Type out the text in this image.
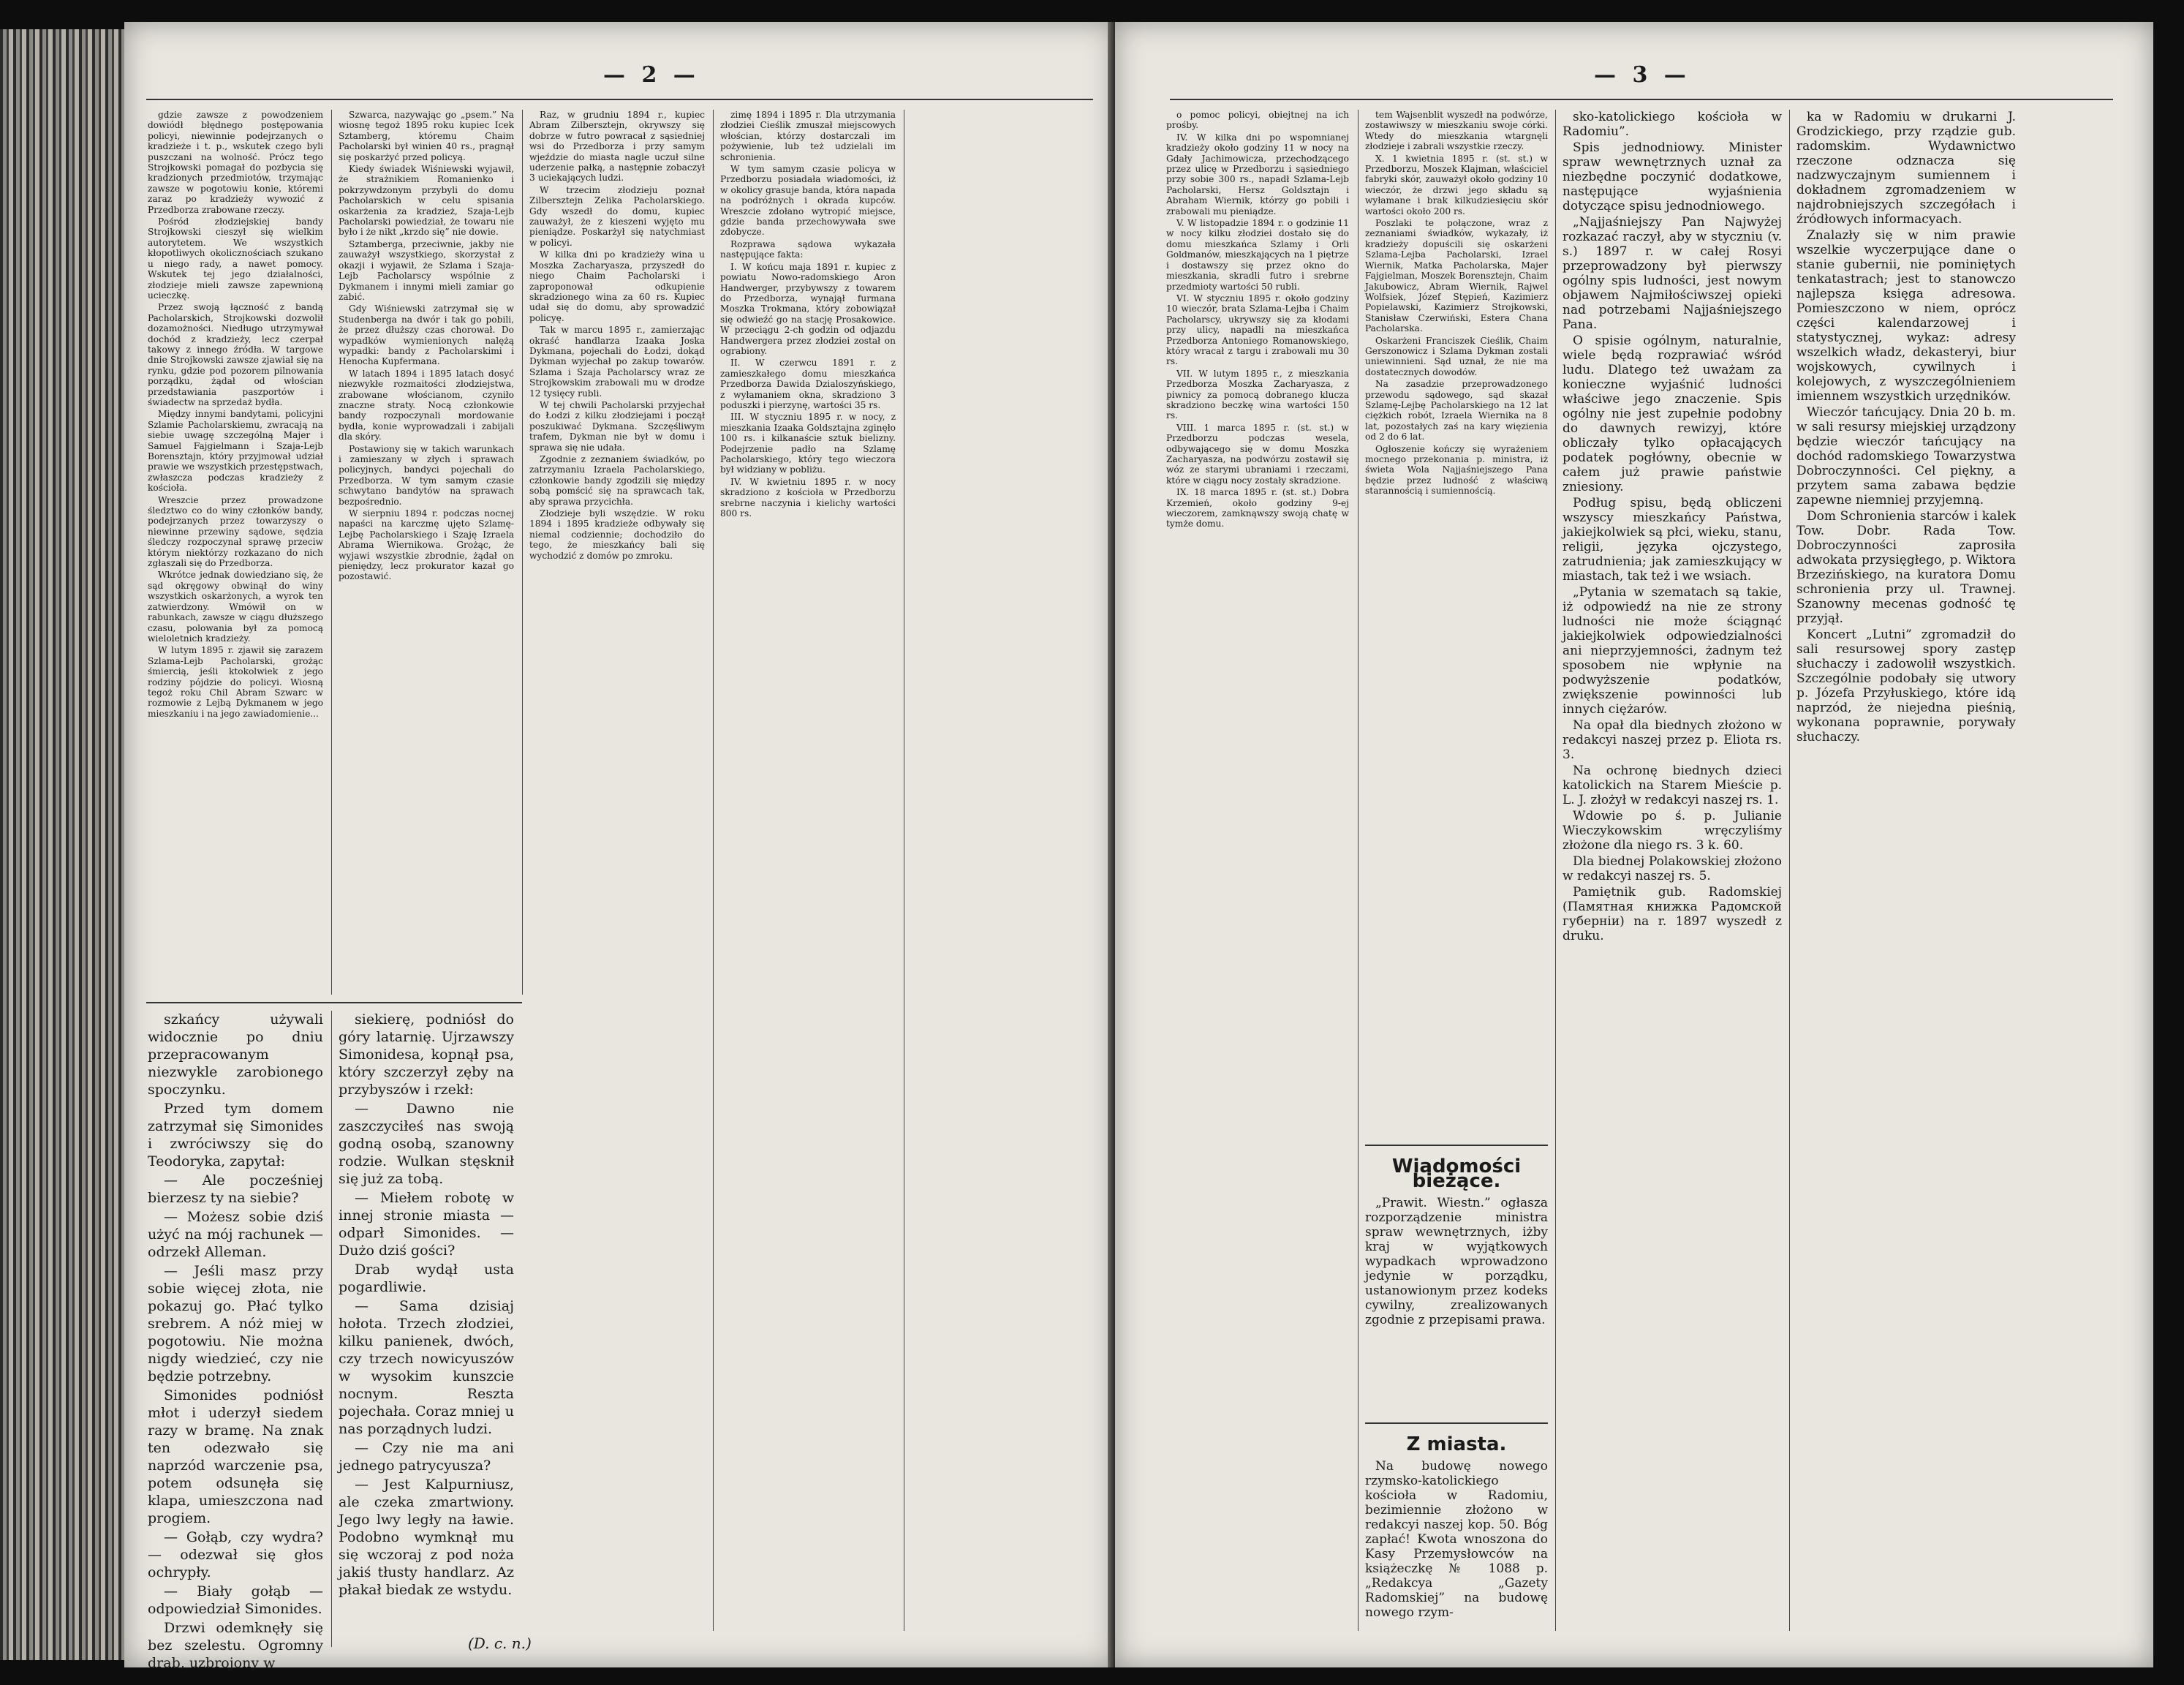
— 2 —

gdzie zawsze z powodzeniem dowiódł błędnego postępowania policyi, niewinnie podejrzanych o kradzieże i t. p., wskutek czego byli puszczani na wolność. Prócz tego Strojkowski pomagał do pozbycia się kradzionych przedmiotów, trzymając zawsze w pogotowiu konie, któremi zaraz po kradzieży wywozić z Przedborza zrabowane rzeczy.

Pośród złodziejskiej bandy Strojkowski cieszył się wielkim autorytetem. We wszystkich kłopotliwych okolicznościach szukano u niego rady, a nawet pomocy. Wskutek tej jego działalności, złodzieje mieli zawsze zapewnioną ucieczkę.

Przez swoją łączność z bandą Pacholarskich, Strojkowski dozwolił dozamożności. Niedługo utrzymywał dochód z kradzieży, lecz czerpał takowy z innego źródła. W targowe dnie Strojkowski zawsze zjawiał się na rynku, gdzie pod pozorem pilnowania porządku, żądał od włościan przedstawiania paszportów i świadectw na sprzedaż bydła.

Między innymi bandytami, policyjni Szlamie Pacholarskiemu, zwracają na siebie uwagę szczególną Majer i Samuel Fajgielmann i Szaja-Lejb Borensztajn, który przyjmował udział prawie we wszystkich przestępstwach, zwłaszcza podczas kradzieży z kościoła.

Wreszcie przez prowadzone śledztwo co do winy członków bandy, podejrzanych przez towarzyszy o niewinne przewiny sądowe, sędzia śledczy rozpoczynał sprawę przeciw którym niektórzy rozkazano do nich zgłaszali się do Przedborza.

Wkrótce jednak dowiedziano się, że sąd okręgowy obwinął do winy wszystkich oskarżonych, a wyrok ten zatwierdzony. Wmówił on w rabunkach, zawsze w ciągu dłuższego czasu, polowania był za pomocą wieloletnich kradzieży.

W lutym 1895 r. zjawił się zarazem Szlama-Lejb Pacholarski, grożąc śmiercią, jeśli ktokolwiek z jego rodziny pójdzie do policyi. Wiosną tegoż roku Chil Abram Szwarc w rozmowie z Lejbą Dykmanem w jego mieszkaniu i na jego zawiadomienie...

Szwarca, nazywając go „psem.” Na wiosnę tegoż 1895 roku kupiec Icek Sztamberg, któremu Chaim Pacholarski był winien 40 rs., pragnął się poskarżyć przed policyą.

Kiedy świadek Wiśniewski wyjawił, że strażnikiem Romanienko i pokrzywdzonym przybyli do domu Pacholarskich w celu spisania oskarżenia za kradzież, Szaja-Lejb Pacholarski powiedział, że towaru nie było i że nikt „krzdo się” nie dowie.

Sztamberga, przeciwnie, jakby nie zauważył wszystkiego, skorzystał z okazji i wyjawił, że Szlama i Szaja-Lejb Pacholarscy wspólnie z Dykmanem i innymi mieli zamiar go zabić.

Gdy Wiśniewski zatrzymał się w Studenberga na dwór i tak go pobili, że przez dłuższy czas chorował. Do wypadków wymienionych nalężą wypadki: bandy z Pacholarskimi i Henocha Kupfermana.

W latach 1894 i 1895 latach dosyć niezwykłe rozmaitości złodziejstwa, zrabowane włościanom, czyniło znaczne straty. Nocą członkowie bandy rozpoczynali mordowanie bydła, konie wyprowadzali i zabijali dla skóry.

Postawiony się w takich warunkach i zamieszany w złych i sprawach policyjnych, bandyci pojechali do Przedborza. W tym samym czasie schwytano bandytów na sprawach bezpośrednio.

W sierpniu 1894 r. podczas nocnej napaści na karczmę ujęto Szlamę-Lejbę Pacholarskiego i Szaję Izraela Abrama Wiernikowa. Grożąc, że wyjawi wszystkie zbrodnie, żądał on pieniędzy, lecz prokurator kazał go pozostawić.

Raz, w grudniu 1894 r., kupiec Abram Zilbersztejn, okrywszy się dobrze w futro powracał z sąsiedniej wsi do Przedborza i przy samym wjeździe do miasta nagle uczuł silne uderzenie pałką, a następnie zobaczył 3 uciekających ludzi.

W trzecim złodzieju poznał Zilbersztejn Zelika Pacholarskiego. Gdy wszedł do domu, kupiec zauważył, że z kieszeni wyjęto mu pieniądze. Poskarżył się natychmiast w policyi.

W kilka dni po kradzieży wina u Moszka Zacharyasza, przyszedł do niego Chaim Pacholarski i zaproponował odkupienie skradzionego wina za 60 rs. Kupiec udał się do domu, aby sprowadzić policyę.

Tak w marcu 1895 r., zamierzając okraść handlarza Izaaka Joska Dykmana, pojechali do Łodzi, dokąd Dykman wyjechał po zakup towarów. Szlama i Szaja Pacholarscy wraz ze Strojkowskim zrabowali mu w drodze 12 tysięcy rubli.

W tej chwili Pacholarski przyjechał do Łodzi z kilku złodziejami i począł poszukiwać Dykmana. Szczęśliwym trafem, Dykman nie był w domu i sprawa się nie udała.

Zgodnie z zeznaniem świadków, po zatrzymaniu Izraela Pacholarskiego, członkowie bandy zgodzili się między sobą pomścić się na sprawcach tak, aby sprawa przycichła.

Złodzieje byli wszędzie. W roku 1894 i 1895 kradzieże odbywały się niemal codziennie; dochodziło do tego, że mieszkańcy bali się wychodzić z domów po zmroku.

zimę 1894 i 1895 r. Dla utrzymania złodziei Cieślik zmuszał miejscowych włościan, którzy dostarczali im pożywienie, lub też udzielali im schronienia.

W tym samym czasie policya w Przedborzu posiadała wiadomości, iż w okolicy grasuje banda, która napada na podróżnych i okrada kupców. Wreszcie zdołano wytropić miejsce, gdzie banda przechowywała swe zdobycze.

Rozprawa sądowa wykazała następujące fakta:

I. W końcu maja 1891 r. kupiec z powiatu Nowo-radomskiego Aron Handwerger, przybywszy z towarem do Przedborza, wynajął furmana Moszka Trokmana, który zobowiązał się odwieźć go na stację Prosakowice. W przeciągu 2-ch godzin od odjazdu Handwergera przez złodziei został on ograbiony.

II. W czerwcu 1891 r. z zamieszkałego domu mieszkańca Przedborza Dawida Dzialoszyńskiego, z wyłamaniem okna, skradziono 3 poduszki i pierzynę, wartości 35 rs.

III. W styczniu 1895 r. w nocy, z mieszkania Izaaka Goldsztajna zginęło 100 rs. i kilkanaście sztuk bielizny. Podejrzenie padło na Szlamę Pacholarskiego, który tego wieczora był widziany w pobliżu.

IV. W kwietniu 1895 r. w nocy skradziono z kościoła w Przedborzu srebrne naczynia i kielichy wartości 800 rs.

szkańcy używali widocznie po dniu przepracowanym niezwykle zarobionego spoczynku.

Przed tym domem zatrzymał się Simonides i zwróciwszy się do Teodoryka, zapytał:

— Ale pocześniej bierzesz ty na siebie?

— Możesz sobie dziś użyć na mój rachunek — odrzekł Alleman.

— Jeśli masz przy sobie więcej złota, nie pokazuj go. Płać tylko srebrem. A nóż miej w pogotowiu. Nie można nigdy wiedzieć, czy nie będzie potrzebny.

Simonides podniósł młot i uderzył siedem razy w bramę. Na znak ten odezwało się naprzód warczenie psa, potem odsunęła się klapa, umieszczona nad progiem.

— Gołąb, czy wydra? — odezwał się głos ochrypły.

— Biały gołąb — odpowiedział Simonides.

Drzwi odemknęły się bez szelestu. Ogromny drab, uzbrojony w

siekierę, podniósł do góry latarnię. Ujrzawszy Simonidesa, kopnął psa, który szczerzył zęby na przybyszów i rzekł:

— Dawno nie zaszczyciłeś nas swoją godną osobą, szanowny rodzie. Wulkan stęsknił się już za tobą.

— Miełem robotę w innej stronie miasta — odparł Simonides. — Dużo dziś gości?

Drab wydął usta pogardliwie.

— Sama dzisiaj hołota. Trzech złodziei, kilku panienek, dwóch, czy trzech nowicyuszów w wysokim kunszcie nocnym. Reszta pojechała. Coraz mniej u nas porządnych ludzi.

— Czy nie ma ani jednego patrycyusza?

— Jest Kalpurniusz, ale czeka zmartwiony. Jego lwy legły na ławie. Podobno wymknął mu się wczoraj z pod noża jakiś tłusty handlarz. Az płakał biedak ze wstydu.

(D. c. n.)
— 3 —

o pomoc policyi, obiejtnej na ich prośby.

IV. W kilka dni po wspomnianej kradzieży około godziny 11 w nocy na Gdały Jachimowicza, przechodzącego przez ulicę w Przedborzu i sąsiedniego przy sobie 300 rs., napadł Szlama-Lejb Pacholarski, Hersz Goldsztajn i Abraham Wiernik, którzy go pobili i zrabowali mu pieniądze.

V. W listopadzie 1894 r. o godzinie 11 w nocy kilku złodziei dostało się do domu mieszkańca Szlamy i Orli Goldmanów, mieszkających na 1 piętrze i dostawszy się przez okno do mieszkania, skradli futro i srebrne przedmioty wartości 50 rubli.

VI. W styczniu 1895 r. około godziny 10 wieczór, brata Szlama-Lejba i Chaim Pacholarscy, ukrywszy się za kłodami przy ulicy, napadli na mieszkańca Przedborza Antoniego Romanowskiego, który wracał z targu i zrabowali mu 30 rs.

VII. W lutym 1895 r., z mieszkania Przedborza Moszka Zacharyasza, z piwnicy za pomocą dobranego klucza skradziono beczkę wina wartości 150 rs.

VIII. 1 marca 1895 r. (st. st.) w Przedborzu podczas wesela, odbywającego się w domu Moszka Zacharyasza, na podwórzu zostawił się wóz ze starymi ubraniami i rzeczami, które w ciągu nocy zostały skradzione.

IX. 18 marca 1895 r. (st. st.) Dobra Krzemień, około godziny 9-ej wieczorem, zamknąwszy swoją chatę w tymże domu.

tem Wajsenblit wyszedł na podwórze, zostawiwszy w mieszkaniu swoje córki. Wtedy do mieszkania wtargnęli złodzieje i zabrali wszystkie rzeczy.

X. 1 kwietnia 1895 r. (st. st.) w Przedborzu, Moszek Klajman, właściciel fabryki skór, zauważył około godziny 10 wieczór, że drzwi jego składu są wyłamane i brak kilkudziesięciu skór wartości około 200 rs.

Poszlaki te połączone, wraz z zeznaniami świadków, wykazały, iż kradzieży dopuścili się oskarżeni Szlama-Lejba Pacholarski, Izrael Wiernik, Matka Pacholarska, Majer Fajgielman, Moszek Borensztejn, Chaim Jakubowicz, Abram Wiernik, Rajwel Wolfsiek, Józef Stępień, Kazimierz Popielawski, Kazimierz Strojkowski, Stanisław Czerwiński, Estera Chana Pacholarska.

Oskarżeni Franciszek Cieślik, Chaim Gerszonowicz i Szlama Dykman zostali uniewinnieni. Sąd uznał, że nie ma dostatecznych dowodów.

Na zasadzie przeprowadzonego przewodu sądowego, sąd skazał Szlamę-Lejbę Pacholarskiego na 12 lat ciężkich robót, Izraela Wiernika na 8 lat, pozostałych zaś na kary więzienia od 2 do 6 lat.

Ogłoszenie kończy się wyrażeniem mocnego przekonania p. ministra, iż świeta Wola Najjaśniejszego Pana będzie przez ludność z właściwą starannością i sumiennością.

Wiadomości bieżące.

„Prawit. Wiestn.” ogłasza rozporządzenie ministra spraw wewnętrznych, iżby kraj w wyjątkowych wypadkach wprowadzono jedynie w porządku, ustanowionym przez kodeks cywilny, zrealizowanych zgodnie z przepisami prawa.

Z miasta.

Na budowę nowego rzymsko-katolickiego kościoła w Radomiu, bezimiennie złożono w redakcyi naszej kop. 50. Bóg zapłać! Kwota wnoszona do Kasy Przemysłowców na książeczkę № 1088 p. „Redakcya „Gazety Radomskiej” na budowę nowego rzym-

sko-katolickiego kościoła w Radomiu”.

Spis jednodniowy. Minister spraw wewnętrznych uznał za niezbędne poczynić dodatkowe, następujące wyjaśnienia dotyczące spisu jednodniowego.

„Najjaśniejszy Pan Najwyżej rozkazać raczył, aby w styczniu (v. s.) 1897 r. w całej Rosyi przeprowadzony był pierwszy ogólny spis ludności, jest nowym objawem Najmiłościwszej opieki nad potrzebami Najjaśniejszego Pana.

O spisie ogólnym, naturalnie, wiele będą rozprawiać wśród ludu. Dlatego też uważam za konieczne wyjaśnić ludności właściwe jego znaczenie. Spis ogólny nie jest zupełnie podobny do dawnych rewizyj, które obliczały tylko opłacających podatek pogłówny, obecnie w całem już prawie państwie zniesiony.

Podług spisu, będą obliczeni wszyscy mieszkańcy Państwa, jakiejkolwiek są płci, wieku, stanu, religii, języka ojczystego, zatrudnienia; jak zamieszkujący w miastach, tak też i we wsiach.

„Pytania w szematach są takie, iż odpowiedź na nie ze strony ludności nie może ściągnąć jakiejkolwiek odpowiedzialności ani nieprzyjemności, żadnym też sposobem nie wpłynie na podwyższenie podatków, zwiększenie powinności lub innych ciężarów.

Na opał dla biednych złożono w redakcyi naszej przez p. Eliota rs. 3.

Na ochronę biednych dzieci katolickich na Starem Mieście p. L. J. złożył w redakcyi naszej rs. 1.

Wdowie po ś. p. Julianie Wieczykowskim wręczyliśmy złożone dla niego rs. 3 k. 60.

Dla biednej Polakowskiej złożono w redakcyi naszej rs. 5.

Pamiętnik gub. Radomskiej (Памятная книжка Радомской губернiи) na r. 1897 wyszedł z druku.

ka w Radomiu w drukarni J. Grodzickiego, przy rządzie gub. radomskim. Wydawnictwo rzeczone odznacza się nadzwyczajnym sumiennem i dokładnem zgromadzeniem w najdrobniejszych szczegółach i źródłowych informacyach.

Znalazły się w nim prawie wszelkie wyczerpujące dane o stanie gubernii, nie pominiętych tenkatastrach; jest to stanowczo najlepsza księga adresowa. Pomieszczono w niem, oprócz części kalendarzowej i statystycznej, wykaz: adresy wszelkich władz, dekasteryi, biur wojskowych, cywilnych i kolejowych, z wyszczególnieniem imiennem wszystkich urzędników.

Wieczór tańcujący. Dnia 20 b. m. w sali resursy miejskiej urządzony będzie wieczór tańcujący na dochód radomskiego Towarzystwa Dobroczynności. Cel piękny, a przytem sama zabawa będzie zapewne niemniej przyjemną.

Dom Schronienia starców i kalek Tow. Dobr. Rada Tow. Dobroczynności zaprosiła adwokata przysięgłego, p. Wiktora Brzezińskiego, na kuratora Domu schronienia przy ul. Trawnej. Szanowny mecenas godność tę przyjął.

Koncert „Lutni” zgromadził do sali resursowej spory zastęp słuchaczy i zadowolił wszystkich. Szczególnie podobały się utwory p. Józefa Przyłuskiego, które idą naprzód, że niejedna pieśnią, wykonana poprawnie, porywały słuchaczy.
